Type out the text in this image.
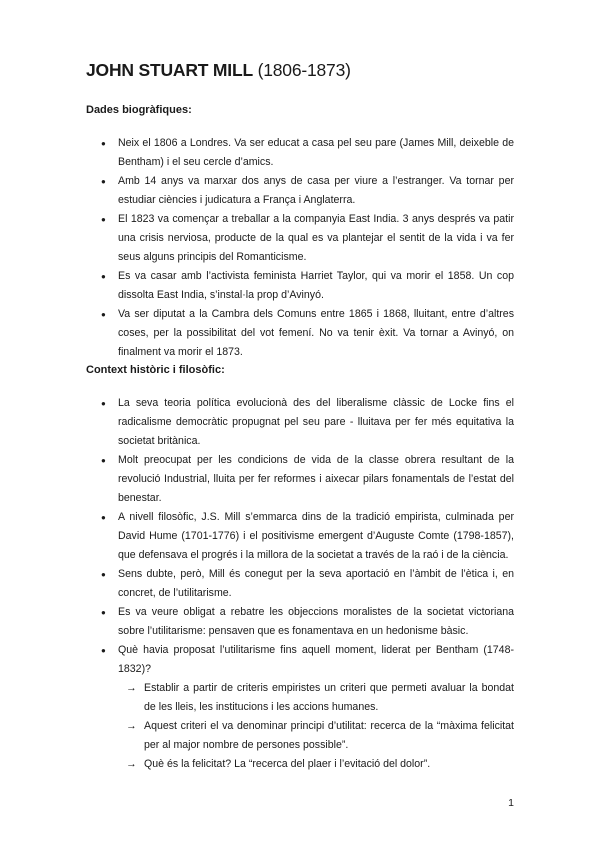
JOHN STUART MILL (1806-1873)
Dades biogràfiques:
● Neix el 1806 a Londres. Va ser educat a casa pel seu pare (James Mill, deixeble de Bentham) i el seu cercle d’amics.
● Amb 14 anys va marxar dos anys de casa per viure a l’estranger. Va tornar per estudiar ciències i judicatura a França i Anglaterra.
● El 1823 va començar a treballar a la companyia East India. 3 anys després va patir una crisis nerviosa, producte de la qual es va plantejar el sentit de la vida i va fer seus alguns principis del Romanticisme.
● Es va casar amb l’activista feminista Harriet Taylor, qui va morir el 1858. Un cop dissolta East India, s’instal·la prop d’Avinyó.
● Va ser diputat a la Cambra dels Comuns entre 1865 i 1868, lluitant, entre d’altres coses, per la possibilitat del vot femení. No va tenir èxit. Va tornar a Avinyó, on finalment va morir el 1873.
Context històric i filosòfic:
● La seva teoria política evolucionà des del liberalisme clàssic de Locke fins el radicalisme democràtic propugnat pel seu pare - lluitava per fer més equitativa la societat britànica.
● Molt preocupat per les condicions de vida de la classe obrera resultant de la revolució Industrial, lluita per fer reformes i aixecar pilars fonamentals de l’estat del benestar.
● A nivell filosòfic, J.S. Mill s’emmarca dins de la tradició empirista, culminada per David Hume (1701-1776) i el positivisme emergent d’Auguste Comte (1798-1857), que defensava el progrés i la millora de la societat a través de la raó i de la ciència.
● Sens dubte, però, Mill és conegut per la seva aportació en l’àmbit de l’ètica i, en concret, de l’utilitarisme.
● Es va veure obligat a rebatre les objeccions moralistes de la societat victoriana sobre l’utilitarisme: pensaven que es fonamentava en un hedonisme bàsic.
● Què havia proposat l’utilitarisme fins aquell moment, liderat per Bentham (1748-1832)?
→ Establir a partir de criteris empiristes un criteri que permeti avaluar la bondat de les lleis, les institucions i les accions humanes.
→ Aquest criteri el va denominar principi d’utilitat: recerca de la “màxima felicitat per al major nombre de persones possible”.
→ Què és la felicitat? La “recerca del plaer i l’evitació del dolor”.
1
